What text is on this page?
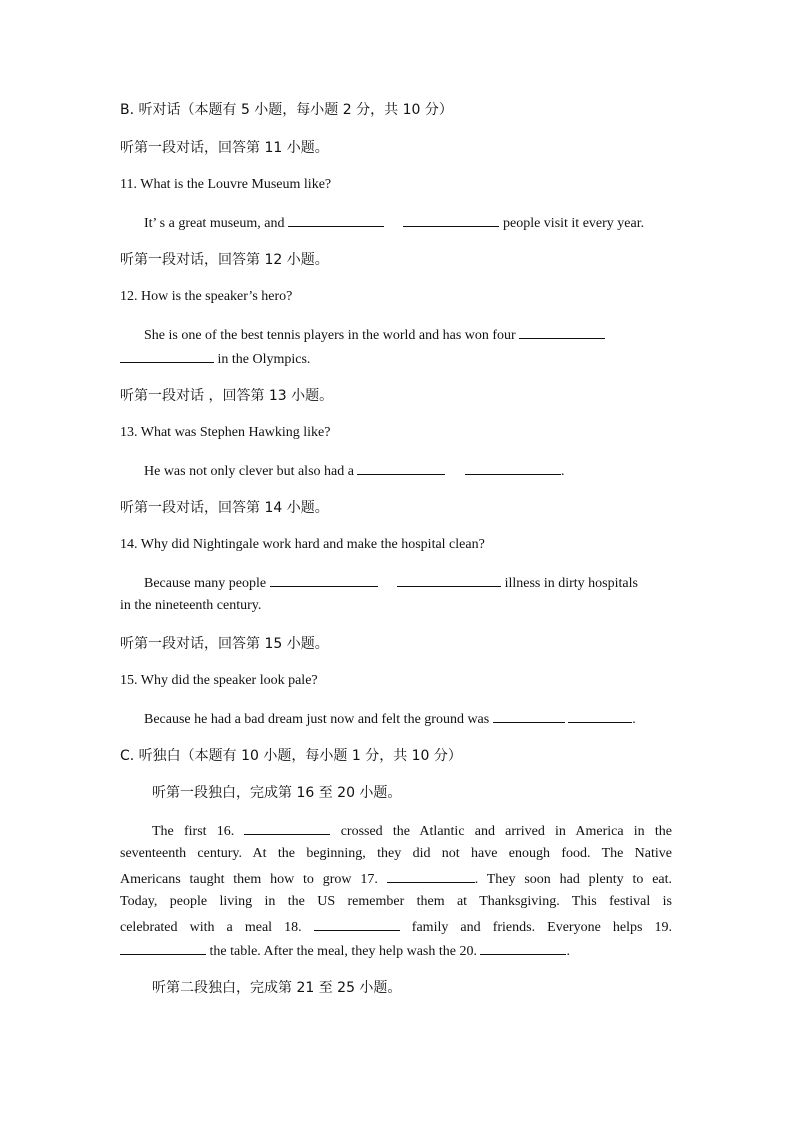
B. 听对话（本题有 5 小题，每小题 2 分，共 10 分）
听第一段对话，回答第 11 小题。
11. What is the Louvre Museum like?
It’ s a great museum, and	people visit it every year.
听第一段对话，回答第 12 小题。
12. How is the speaker’s hero?
She is one of the best tennis players in the world and has won four
in the Olympics.
听第一段对话 ，回答第 13 小题。
13. What was Stephen Hawking like?
He was not only clever but also had a	.
听第一段对话，回答第 14 小题。
14. Why did Nightingale work hard and make the hospital clean?
Because many people	illness in dirty hospitals
in the nineteenth century.
听第一段对话，回答第 15 小题。
15. Why did the speaker look pale?
Because he had a bad dream just now and felt the ground was	.
C. 听独白（本题有 10 小题，每小题 1 分，共 10 分）
听第一段独白，完成第 16 至 20 小题。
The first 16.	crossed the Atlantic and arrived in America in the
seventeenth century. At the beginning, they did not have enough food. The Native
Americans taught them how to grow 17.	. They soon had plenty to eat.
Today, people living in the US remember them at Thanksgiving. This festival is
celebrated with a meal 18.	family and friends. Everyone helps 19.
the table. After the meal, they help wash the 20.	.
听第二段独白，完成第 21 至 25 小题。
